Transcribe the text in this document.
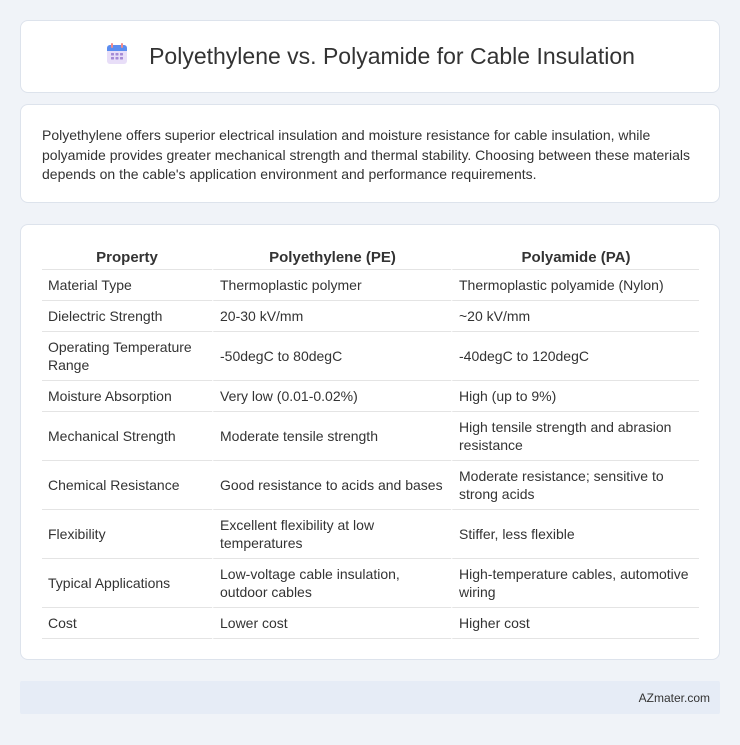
Polyethylene vs. Polyamide for Cable Insulation

Polyethylene offers superior electrical insulation and moisture resistance for cable insulation, while polyamide provides greater mechanical strength and thermal stability. Choosing between these materials depends on the cable's application environment and performance requirements.

Property	Polyethylene (PE)	Polyamide (PA)
Material Type	Thermoplastic polymer	Thermoplastic polyamide (Nylon)
Dielectric Strength	20-30 kV/mm	~20 kV/mm
Operating Temperature Range	-50degC to 80degC	-40degC to 120degC
Moisture Absorption	Very low (0.01-0.02%)	High (up to 9%)
Mechanical Strength	Moderate tensile strength	High tensile strength and abrasion resistance
Chemical Resistance	Good resistance to acids and bases	Moderate resistance; sensitive to strong acids
Flexibility	Excellent flexibility at low temperatures	Stiffer, less flexible
Typical Applications	Low-voltage cable insulation, outdoor cables	High-temperature cables, automotive wiring
Cost	Lower cost	Higher cost
AZmater.com
